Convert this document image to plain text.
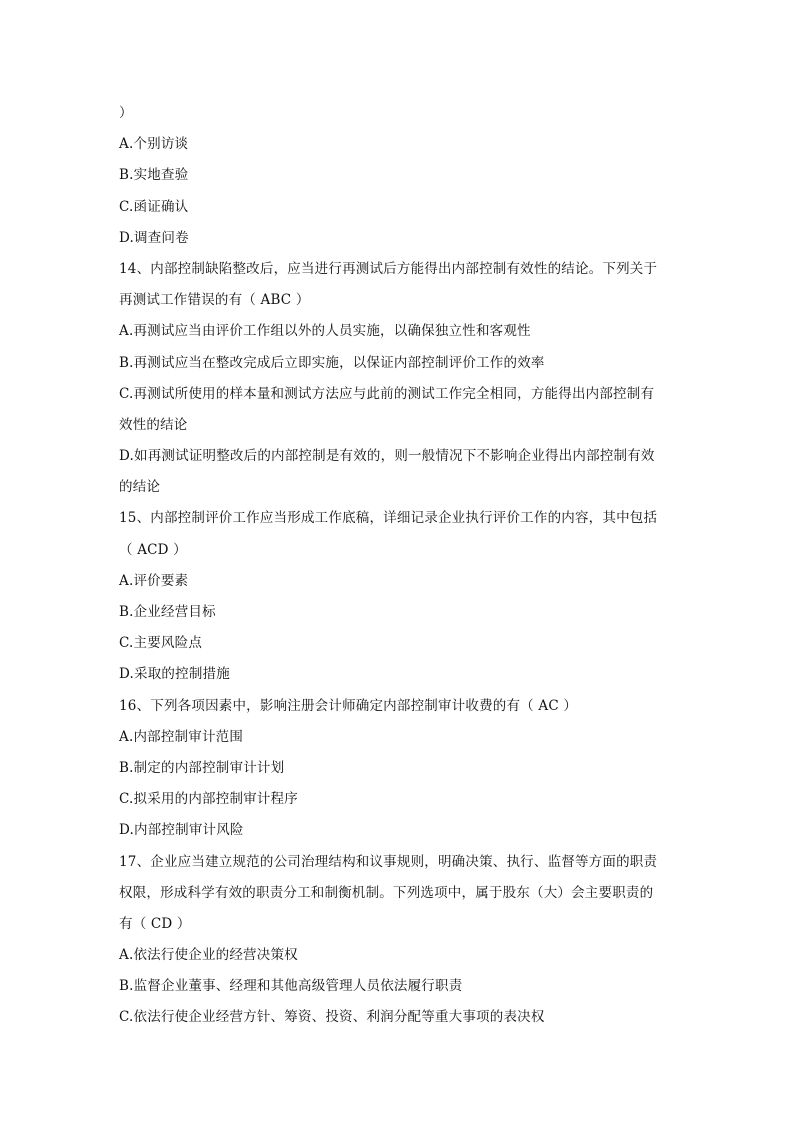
）
A.个别访谈
B.实地查验
C.函证确认
D.调查问卷
14、内部控制缺陷整改后，应当进行再测试后方能得出内部控制有效性的结论。下列关于
再测试工作错误的有（ ABC ）
A.再测试应当由评价工作组以外的人员实施，以确保独立性和客观性
B.再测试应当在整改完成后立即实施，以保证内部控制评价工作的效率
C.再测试所使用的样本量和测试方法应与此前的测试工作完全相同，方能得出内部控制有
效性的结论
D.如再测试证明整改后的内部控制是有效的，则一般情况下不影响企业得出内部控制有效
的结论
15、内部控制评价工作应当形成工作底稿，详细记录企业执行评价工作的内容，其中包括
（ ACD ）
A.评价要素
B.企业经营目标
C.主要风险点
D.采取的控制措施
16、下列各项因素中，影响注册会计师确定内部控制审计收费的有（ AC ）
A.内部控制审计范围
B.制定的内部控制审计计划
C.拟采用的内部控制审计程序
D.内部控制审计风险
17、企业应当建立规范的公司治理结构和议事规则，明确决策、执行、监督等方面的职责
权限，形成科学有效的职责分工和制衡机制。下列选项中，属于股东（大）会主要职责的
有（ CD ）
A.依法行使企业的经营决策权
B.监督企业董事、经理和其他高级管理人员依法履行职责
C.依法行使企业经营方针、筹资、投资、利润分配等重大事项的表决权
